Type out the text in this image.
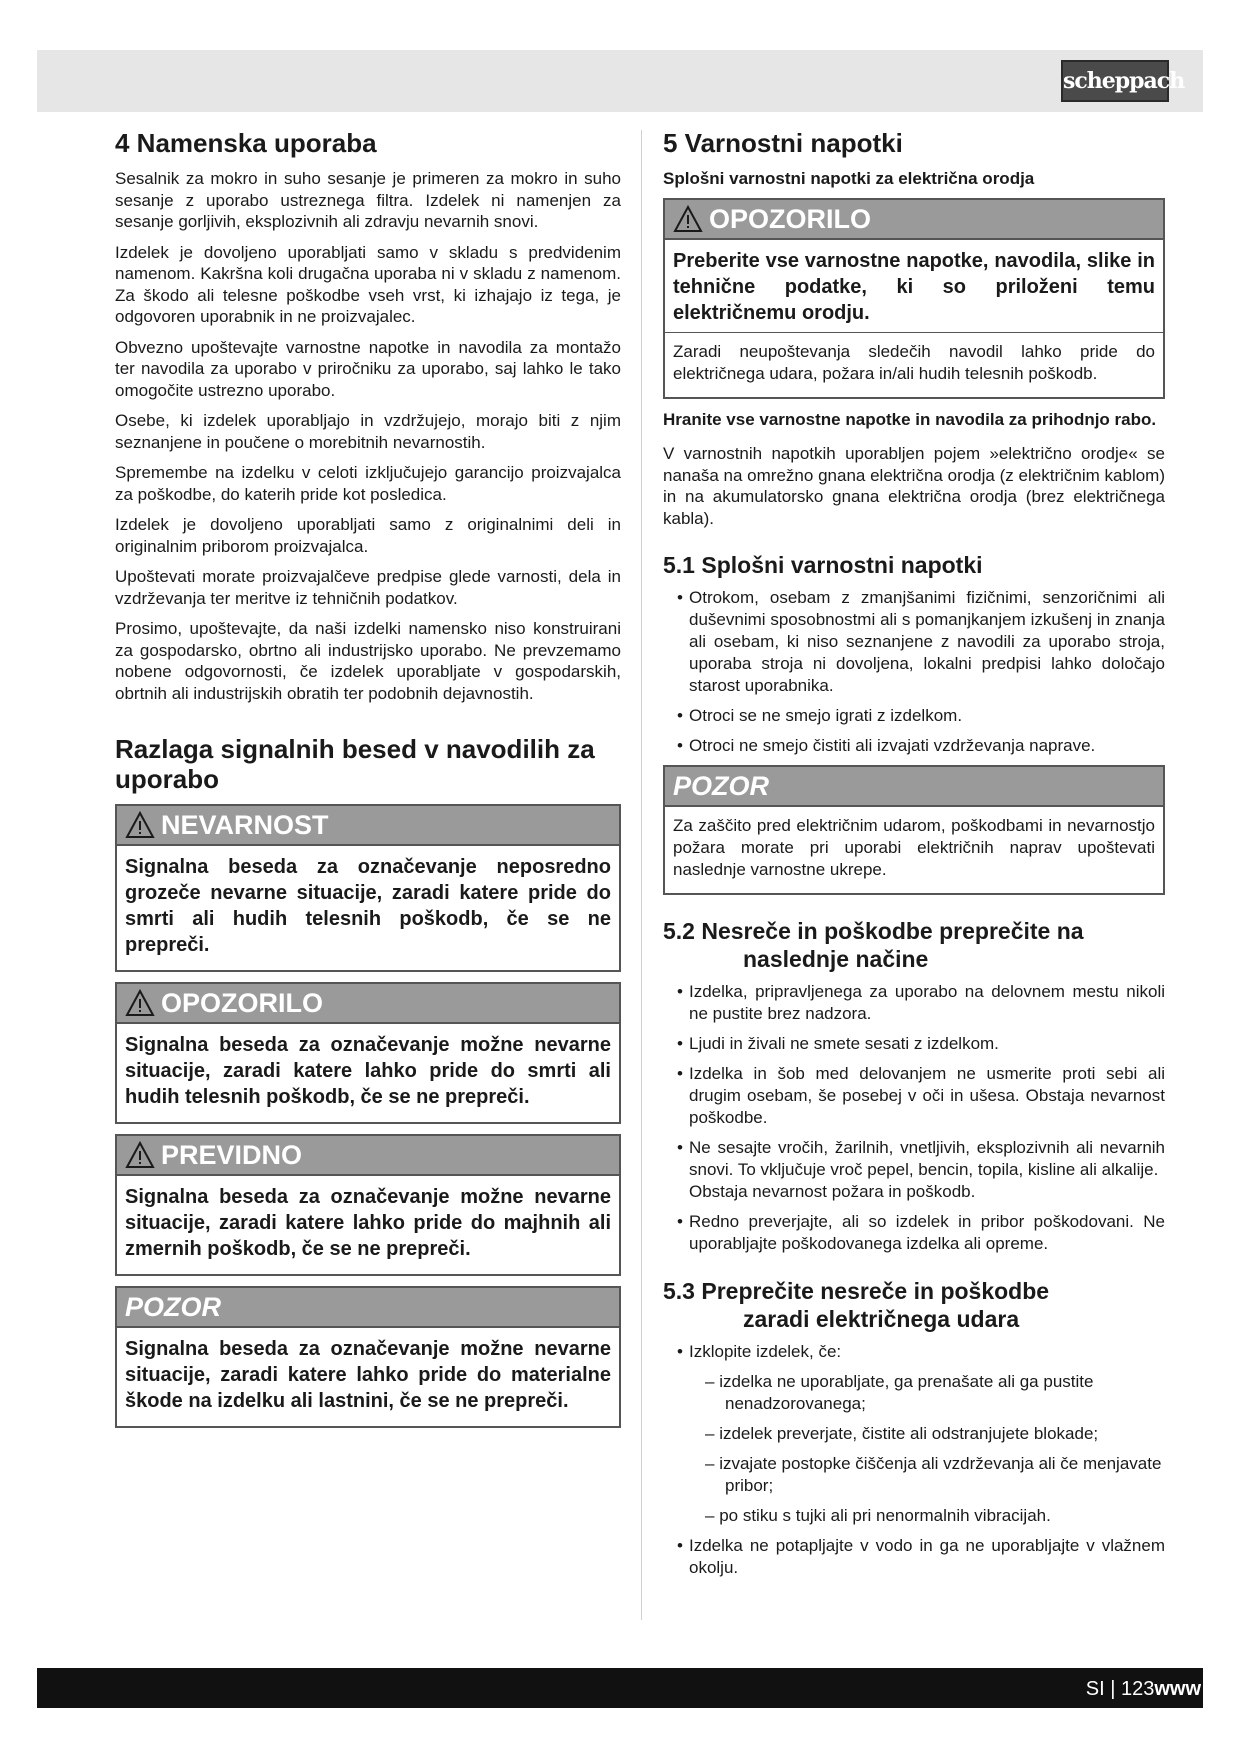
scheppach
4 Namenska uporaba

Sesalnik za mokro in suho sesanje je primeren za mokro in suho sesanje z uporabo ustreznega filtra. Izdelek ni namenjen za sesanje gorljivih, eksplozivnih ali zdravju nevarnih snovi.

Izdelek je dovoljeno uporabljati samo v skladu s predvidenim namenom. Kakršna koli drugačna uporaba ni v skladu z namenom. Za škodo ali telesne poškodbe vseh vrst, ki izhajajo iz tega, je odgovoren uporabnik in ne proizvajalec.

Obvezno upoštevajte varnostne napotke in navodila za montažo ter navodila za uporabo v priročniku za uporabo, saj lahko le tako omogočite ustrezno uporabo.

Osebe, ki izdelek uporabljajo in vzdržujejo, morajo biti z njim seznanjene in poučene o morebitnih nevarnostih.

Spremembe na izdelku v celoti izključujejo garancijo proizvajalca za poškodbe, do katerih pride kot posledica.

Izdelek je dovoljeno uporabljati samo z originalnimi deli in originalnim priborom proizvajalca.

Upoštevati morate proizvajalčeve predpise glede varnosti, dela in vzdrževanja ter meritve iz tehničnih podatkov.

Prosimo, upoštevajte, da naši izdelki namensko niso konstruirani za gospodarsko, obrtno ali industrijsko uporabo. Ne prevzemamo nobene odgovornosti, če izdelek uporabljate v gospodarskih, obrtnih ali industrijskih obratih ter podobnih dejavnostih.

Razlaga signalnih besed v navodilih za uporabo
NEVARNOST

Signalna beseda za označevanje neposredno grozeče nevarne situacije, zaradi katere pride do smrti ali hudih telesnih poškodb, če se ne prepreči.

OPOZORILO

Signalna beseda za označevanje možne nevarne situacije, zaradi katere lahko pride do smrti ali hudih telesnih poškodb, če se ne prepreči.

PREVIDNO

Signalna beseda za označevanje možne nevarne situacije, zaradi katere lahko pride do majhnih ali zmernih poškodb, če se ne prepreči.

POZOR

Signalna beseda za označevanje možne nevarne situacije, zaradi katere lahko pride do materialne škode na izdelku ali lastnini, če se ne prepreči.

5 Varnostni napotki

Splošni varnostni napotki za električna orodja

OPOZORILO

Preberite vse varnostne napotke, navodila, slike in tehnične podatke, ki so priloženi temu električnemu orodju.

Zaradi neupoštevanja sledečih navodil lahko pride do električnega udara, požara in/ali hudih telesnih poškodb.

Hranite vse varnostne napotke in navodila za prihodnjo rabo.

V varnostnih napotkih uporabljen pojem »električno orodje« se nanaša na omrežno gnana električna orodja (z električnim kablom) in na akumulatorsko gnana električna orodja (brez električnega kabla).

5.1 Splošni varnostni napotki
• Otrokom, osebam z zmanjšanimi fizičnimi, senzoričnimi ali duševnimi sposobnostmi ali s pomanjkanjem izkušenj in znanja ali osebam, ki niso seznanjene z navodili za uporabo stroja, uporaba stroja ni dovoljena, lokalni predpisi lahko določajo starost uporabnika.
• Otroci se ne smejo igrati z izdelkom.
• Otroci ne smejo čistiti ali izvajati vzdrževanja naprave.
POZOR

Za zaščito pred električnim udarom, poškodbami in nevarnostjo požara morate pri uporabi električnih naprav upoštevati naslednje varnostne ukrepe.

5.2 Nesreče in poškodbe preprečite na
naslednje načine
• Izdelka, pripravljenega za uporabo na delovnem mestu nikoli ne pustite brez nadzora.
• Ljudi in živali ne smete sesati z izdelkom.
• Izdelka in šob med delovanjem ne usmerite proti sebi ali drugim osebam, še posebej v oči in ušesa. Obstaja nevarnost poškodbe.
• Ne sesajte vročih, žarilnih, vnetljivih, eksplozivnih ali nevarnih snovi. To vključuje vroč pepel, bencin, topila, kisline ali alkalije.
Obstaja nevarnost požara in poškodb.
• Redno preverjajte, ali so izdelek in pribor poškodovani. Ne uporabljajte poškodovanega izdelka ali opreme.
5.3 Preprečite nesreče in poškodbe
zaradi električnega udara
• Izklopite izdelek, če:
– izdelka ne uporabljate, ga prenašate ali ga pustite nenadzorovanega;
– izdelek preverjate, čistite ali odstranjujete blokade;
– izvajate postopke čiščenja ali vzdrževanja ali če menjavate pribor;
– po stiku s tujki ali pri nenormalnih vibracijah.
• Izdelka ne potapljajte v vodo in ga ne uporabljajte v vlažnem okolju.
SI | 123www
